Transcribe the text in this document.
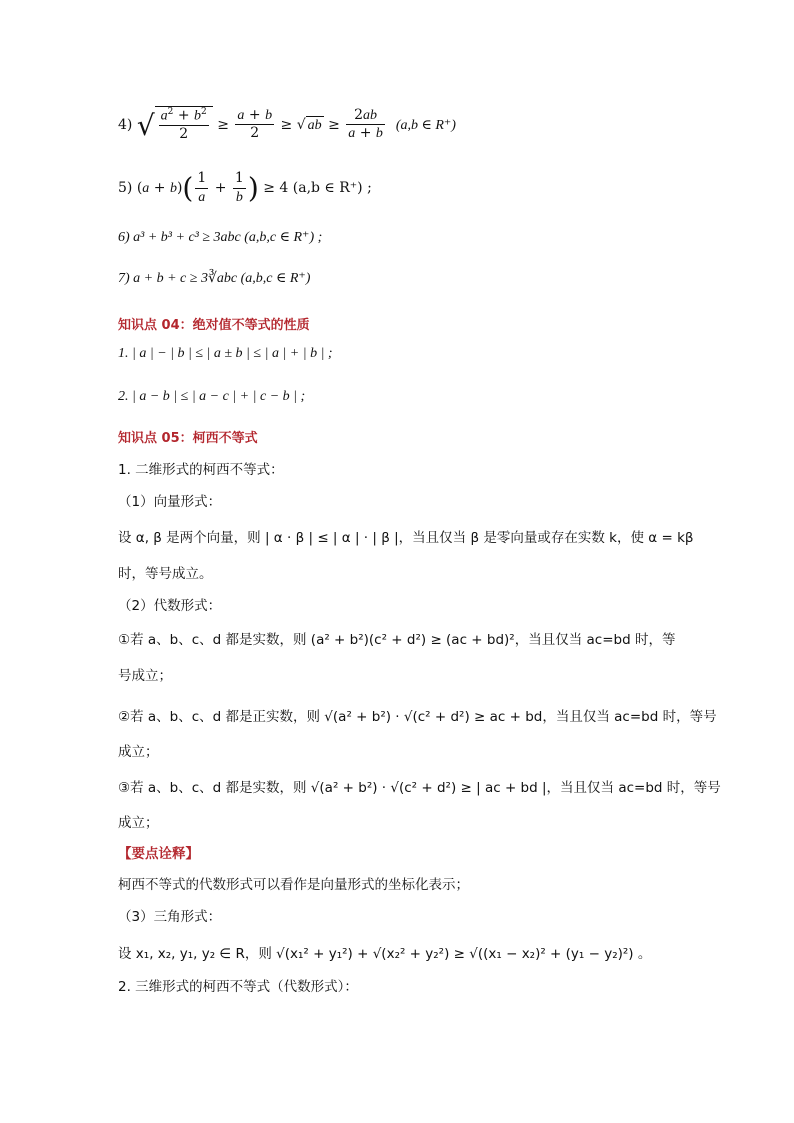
4) √ $\frac{a^2 + b^2}{2} \ge \frac{a + b}{2}$ ≥ √ ab ≥ $\frac{2ab}{a + b} (a,b$ ∈ R⁺)
5) $(a + b)( \frac{1}{a} + \frac{1}{b}$ ) ≥ 4 (a,b ∈ R⁺) ;
6) a³ + b³ + c³ ≥ 3abc (a,b,c ∈ R⁺) ;
7) a + b + c ≥ 3∛abc (a,b,c ∈ R⁺)
知识点 04：绝对值不等式的性质
1. | a | − | b | ≤ | a ± b | ≤ | a | + | b | ;
2. | a − b | ≤ | a − c | + | c − b | ;
知识点 05：柯西不等式
1. 二维形式的柯西不等式：
（1）向量形式：
设 α, β 是两个向量，则 | α · β | ≤ | α | · | β |，当且仅当 β 是零向量或存在实数 k，使 α = kβ
时，等号成立。
（2）代数形式：
①若 a、b、c、d 都是实数，则 (a² + b²)(c² + d²) ≥ (ac + bd)²，当且仅当 ac=bd 时，等
号成立；
②若 a、b、c、d 都是正实数，则 √(a² + b²) · √(c² + d²) ≥ ac + bd，当且仅当 ac=bd 时，等号
成立；
③若 a、b、c、d 都是实数，则 √(a² + b²) · √(c² + d²) ≥ | ac + bd |，当且仅当 ac=bd 时，等号
成立；
【要点诠释】
柯西不等式的代数形式可以看作是向量形式的坐标化表示；
（3）三角形式：
设 x₁, x₂, y₁, y₂ ∈ R，则 √(x₁² + y₁²) + √(x₂² + y₂²) ≥ √((x₁ − x₂)² + (y₁ − y₂)²) 。
2. 三维形式的柯西不等式（代数形式）：
